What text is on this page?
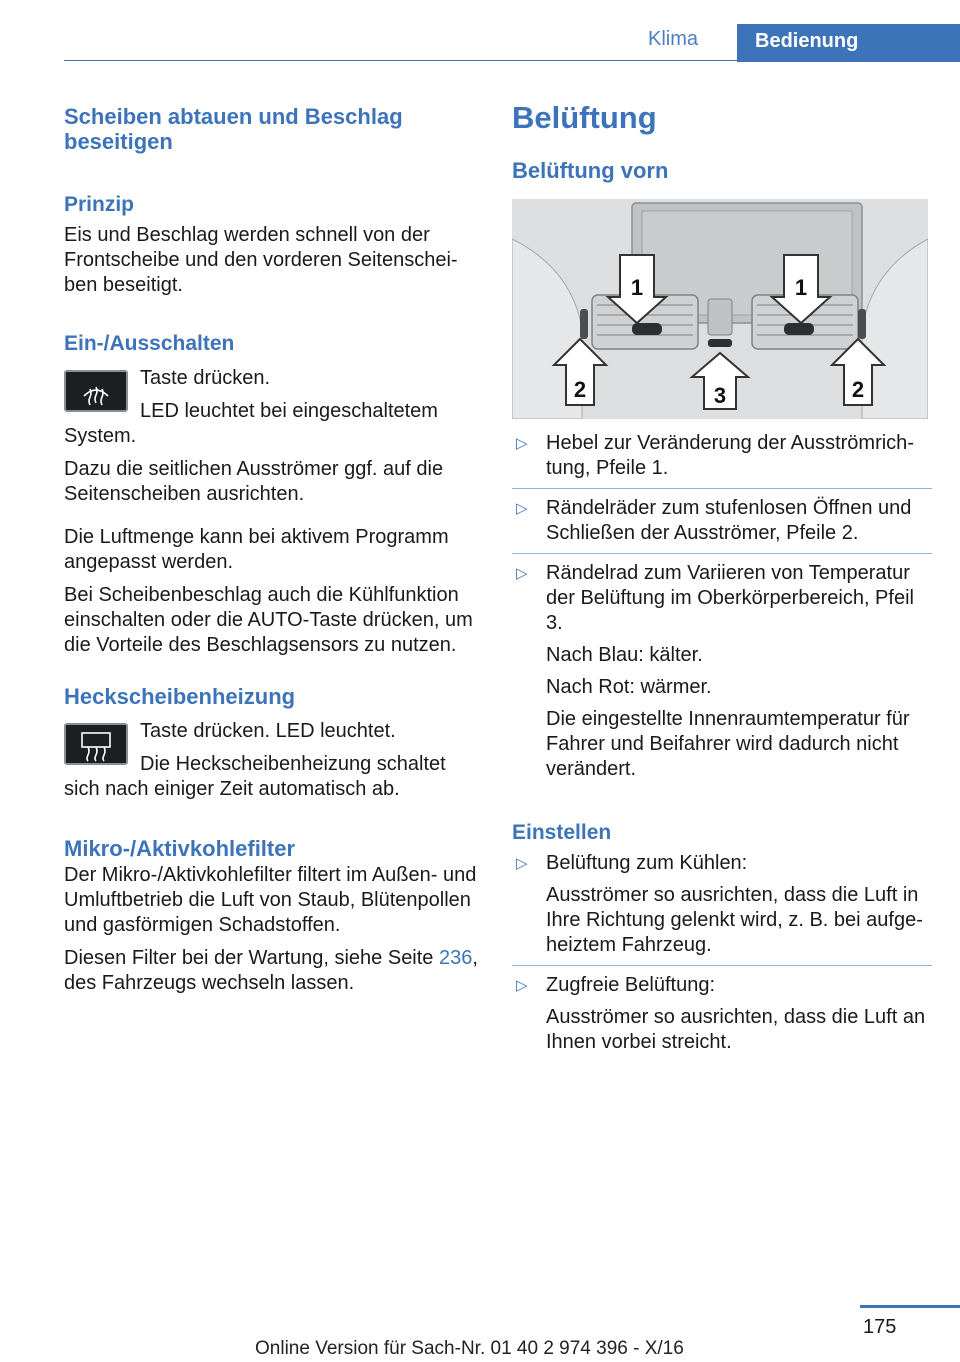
Klima	Bedienung
Scheiben abtauen und Beschlag beseitigen
Prinzip

Eis und Beschlag werden schnell von der Frontscheibe und den vorderen Seitenscheiben beseitigt.

Ein-/Ausschalten

Taste drücken.

LED leuchtet bei eingeschaltetem System.

Dazu die seitlichen Ausströmer ggf. auf die Seitenscheiben ausrichten.

Die Luftmenge kann bei aktivem Programm angepasst werden.

Bei Scheibenbeschlag auch die Kühlfunktion einschalten oder die AUTO-Taste drücken, um die Vorteile des Beschlagsensors zu nutzen.

Heckscheibenheizung

Taste drücken. LED leuchtet.

Die Heckscheibenheizung schaltet sich nach einiger Zeit automatisch ab.

Mikro-/Aktivkohlefilter

Der Mikro-/Aktivkohlefilter filtert im Außen- und Umluftbetrieb die Luft von Staub, Blütenpollen und gasförmigen Schadstoffen.

Diesen Filter bei der Wartung, siehe Seite 236, des Fahrzeugs wechseln lassen.

Belüftung
Belüftung vorn
1	1
2	3	2
▷ Hebel zur Veränderung der Ausströmrichtung, Pfeile 1.
▷ Rändelräder zum stufenlosen Öffnen und Schließen der Ausströmer, Pfeile 2.
▷ Rändelrad zum Variieren von Temperatur der Belüftung im Oberkörperbereich, Pfeil 3.

Nach Blau: kälter.

Nach Rot: wärmer.

Die eingestellte Innenraumtemperatur für Fahrer und Beifahrer wird dadurch nicht verändert.

Einstellen
▷ Belüftung zum Kühlen:

Ausströmer so ausrichten, dass die Luft in Ihre Richtung gelenkt wird, z. B. bei aufgeheiztem Fahrzeug.

▷ Zugfreie Belüftung:

Ausströmer so ausrichten, dass die Luft an Ihnen vorbei streicht.

175
Online Version für Sach-Nr. 01 40 2 974 396 - X/16
